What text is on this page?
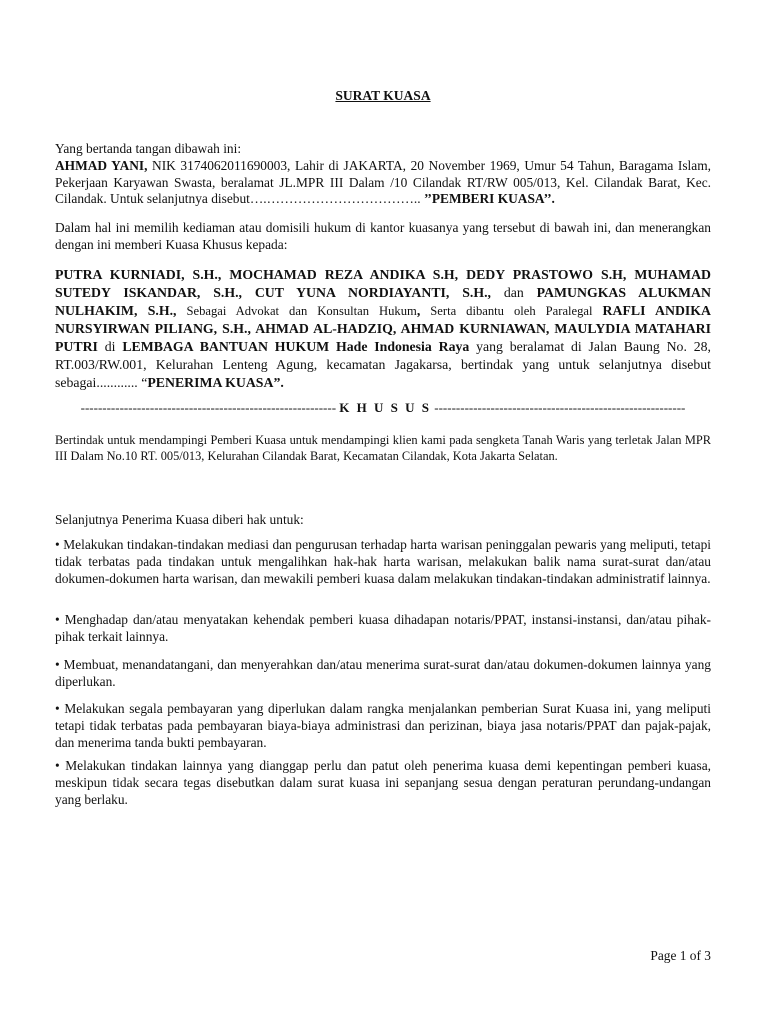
SURAT KUASA

Yang bertanda tangan dibawah ini:
AHMAD YANI, NIK 3174062011690003, Lahir di JAKARTA, 20 November 1969, Umur 54 Tahun, Baragama Islam, Pekerjaan Karyawan Swasta, beralamat JL.MPR III Dalam /10 Cilandak RT/RW 005/013, Kel. Cilandak Barat, Kec. Cilandak. Untuk selanjutnya disebut….…………………………….. ’’PEMBERI KUASA’’.

Dalam hal ini memilih kediaman atau domisili hukum di kantor kuasanya yang tersebut di bawah ini, dan menerangkan dengan ini memberi Kuasa Khusus kepada:

PUTRA KURNIADI, S.H., MOCHAMAD REZA ANDIKA S.H, DEDY PRASTOWO S.H, MUHAMAD SUTEDY ISKANDAR, S.H., CUT YUNA NORDIAYANTI, S.H., dan PAMUNGKAS ALUKMAN NULHAKIM, S.H., Sebagai Advokat dan Konsultan Hukum, Serta dibantu oleh Paralegal RAFLI ANDIKA NURSYIRWAN PILIANG, S.H., AHMAD AL-HADZIQ, AHMAD KURNIAWAN, MAULYDIA MATAHARI PUTRI di LEMBAGA BANTUAN HUKUM Hade Indonesia Raya yang beralamat di Jalan Baung No. 28, RT.003/RW.001, Kelurahan Lenteng Agung, kecamatan Jagakarsa, bertindak yang untuk selanjutnya disebut sebagai............ “PENERIMA KUASA”.

----------------------------------------------------------- K H U S U S ----------------------------------------------------------

Bertindak untuk mendampingi Pemberi Kuasa untuk mendampingi klien kami pada sengketa Tanah Waris yang terletak Jalan MPR III Dalam No.10 RT. 005/013, Kelurahan Cilandak Barat, Kecamatan Cilandak, Kota Jakarta Selatan.

Selanjutnya Penerima Kuasa diberi hak untuk:

• Melakukan tindakan-tindakan mediasi dan pengurusan terhadap harta warisan peninggalan pewaris yang meliputi, tetapi tidak terbatas pada tindakan untuk mengalihkan hak-hak harta warisan, melakukan balik nama surat-surat dan/atau dokumen-dokumen harta warisan, dan mewakili pemberi kuasa dalam melakukan tindakan-tindakan administratif lainnya.

• Menghadap dan/atau menyatakan kehendak pemberi kuasa dihadapan notaris/PPAT, instansi-instansi, dan/atau pihak-pihak terkait lainnya.

• Membuat, menandatangani, dan menyerahkan dan/atau menerima surat-surat dan/atau dokumen-dokumen lainnya yang diperlukan.

• Melakukan segala pembayaran yang diperlukan dalam rangka menjalankan pemberian Surat Kuasa ini, yang meliputi tetapi tidak terbatas pada pembayaran biaya-biaya administrasi dan perizinan, biaya jasa notaris/PPAT dan pajak-pajak, dan menerima tanda bukti pembayaran.

• Melakukan tindakan lainnya yang dianggap perlu dan patut oleh penerima kuasa demi kepentingan pemberi kuasa, meskipun tidak secara tegas disebutkan dalam surat kuasa ini sepanjang sesua dengan peraturan perundang-undangan yang berlaku.

Page 1 of 3
